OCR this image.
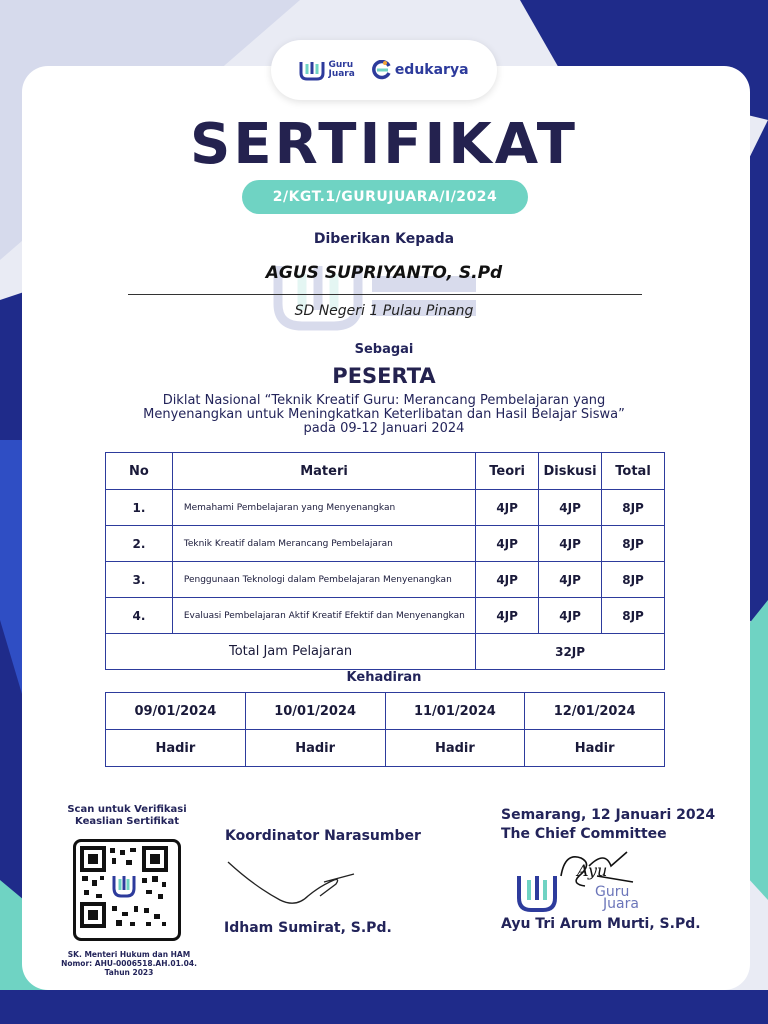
Guru
Juara	edukarya
SERTIFIKAT
2/KGT.1/GURUJUARA/I/2024
Diberikan Kepada
AGUS SUPRIYANTO, S.Pd
SD Negeri 1 Pulau Pinang
Sebagai
PESERTA
Diklat Nasional “Teknik Kreatif Guru: Merancang Pembelajaran yang
Menyenangkan untuk Meningkatkan Keterlibatan dan Hasil Belajar Siswa”
pada 09-12 Januari 2024
No	Materi	Teori	Diskusi	Total
1.	Memahami Pembelajaran yang Menyenangkan	4JP	4JP	8JP
2.	Teknik Kreatif dalam Merancang Pembelajaran	4JP	4JP	8JP
3.	Penggunaan Teknologi dalam Pembelajaran Menyenangkan	4JP	4JP	8JP
4.	Evaluasi Pembelajaran Aktif Kreatif Efektif dan Menyenangkan	4JP	4JP	8JP
Total Jam Pelajaran		32JP		
Kehadiran
09/01/2024	10/01/2024	11/01/2024	12/01/2024
Hadir	Hadir	Hadir	Hadir
Scan untuk Verifikasi
Keaslian Sertifikat
SK. Menteri Hukum dan HAM
Nomor: AHU-0006518.AH.01.04.
Tahun 2023
Koordinator Narasumber
Idham Sumirat, S.Pd.
Semarang, 12 Januari 2024
The Chief Committee
Guru
Juara
Ayu
Ayu Tri Arum Murti, S.Pd.
